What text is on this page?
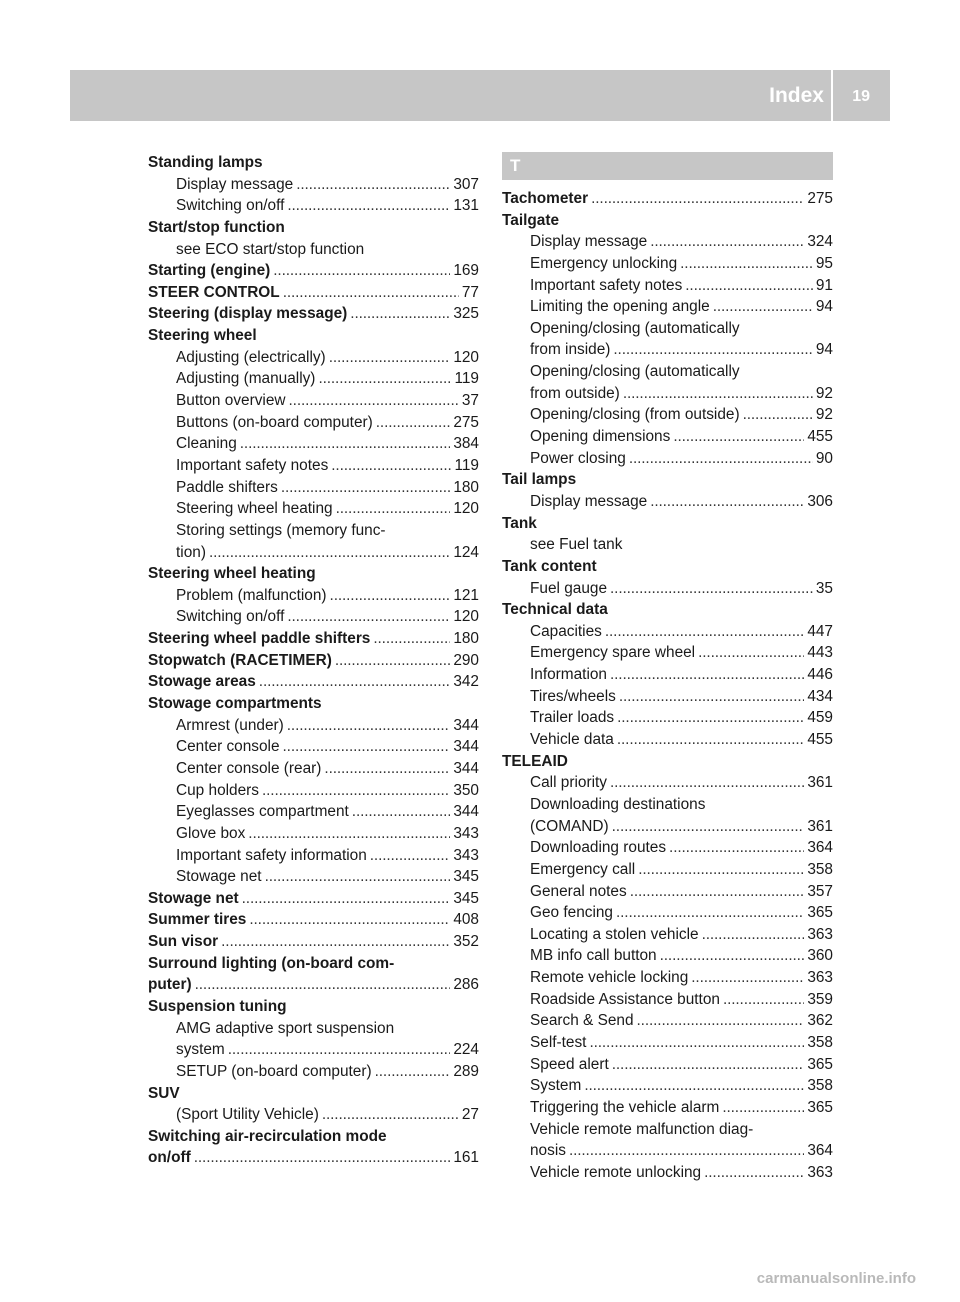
Index 19
Standing lamps
Display message . . .	307
Switching on/off . . .	131
Start/stop function
see ECO start/stop function
Starting (engine) . . .	169
STEER CONTROL . . .	77
Steering (display message) . . .	325
Steering wheel
Adjusting (electrically) . . .	120
Adjusting (manually) . . .	119
Button overview . . .	37
Buttons (on-board computer) . . .	275
Cleaning . . .	384
Important safety notes . . .	119
Paddle shifters . . .	180
Steering wheel heating . . .	120
Storing settings (memory func-
tion) . . .	124
Steering wheel heating
Problem (malfunction) . . .	121
Switching on/off . . .	120
Steering wheel paddle shifters . . .	180
Stopwatch (RACETIMER) . . .	290
Stowage areas . . .	342
Stowage compartments
Armrest (under) . . .	344
Center console . . .	344
Center console (rear) . . .	344
Cup holders . . .	350
Eyeglasses compartment . . .	344
Glove box . . .	343
Important safety information . . .	343
Stowage net . . .	345
Stowage net . . .	345
Summer tires . . .	408
Sun visor . . .	352
Surround lighting (on-board com-
puter) . . .	286
Suspension tuning
AMG adaptive sport suspension
system . . .	224
SETUP (on-board computer) . . .	289
SUV
(Sport Utility Vehicle) . . .	27
Switching air-recirculation mode
on/off . . .	161
T
Tachometer . . .	275
Tailgate
Display message . . .	324
Emergency unlocking . . .	95
Important safety notes . . .	91
Limiting the opening angle . . .	94
Opening/closing (automatically
from inside) . . .	94
Opening/closing (automatically
from outside) . . .	92
Opening/closing (from outside) . . .	92
Opening dimensions . . .	455
Power closing . . .	90
Tail lamps
Display message . . .	306
Tank
see Fuel tank
Tank content
Fuel gauge . . .	35
Technical data
Capacities . . .	447
Emergency spare wheel . . .	443
Information . . .	446
Tires/wheels . . .	434
Trailer loads . . .	459
Vehicle data . . .	455
TELEAID
Call priority . . .	361
Downloading destinations
(COMAND) . . .	361
Downloading routes . . .	364
Emergency call . . .	358
General notes . . .	357
Geo fencing . . .	365
Locating a stolen vehicle . . .	363
MB info call button . . .	360
Remote vehicle locking . . .	363
Roadside Assistance button . . .	359
Search & Send . . .	362
Self-test . . .	358
Speed alert . . .	365
System . . .	358
Triggering the vehicle alarm . . .	365
Vehicle remote malfunction diag-
nosis . . .	364
Vehicle remote unlocking . . .	363
carmanualsonline.info
